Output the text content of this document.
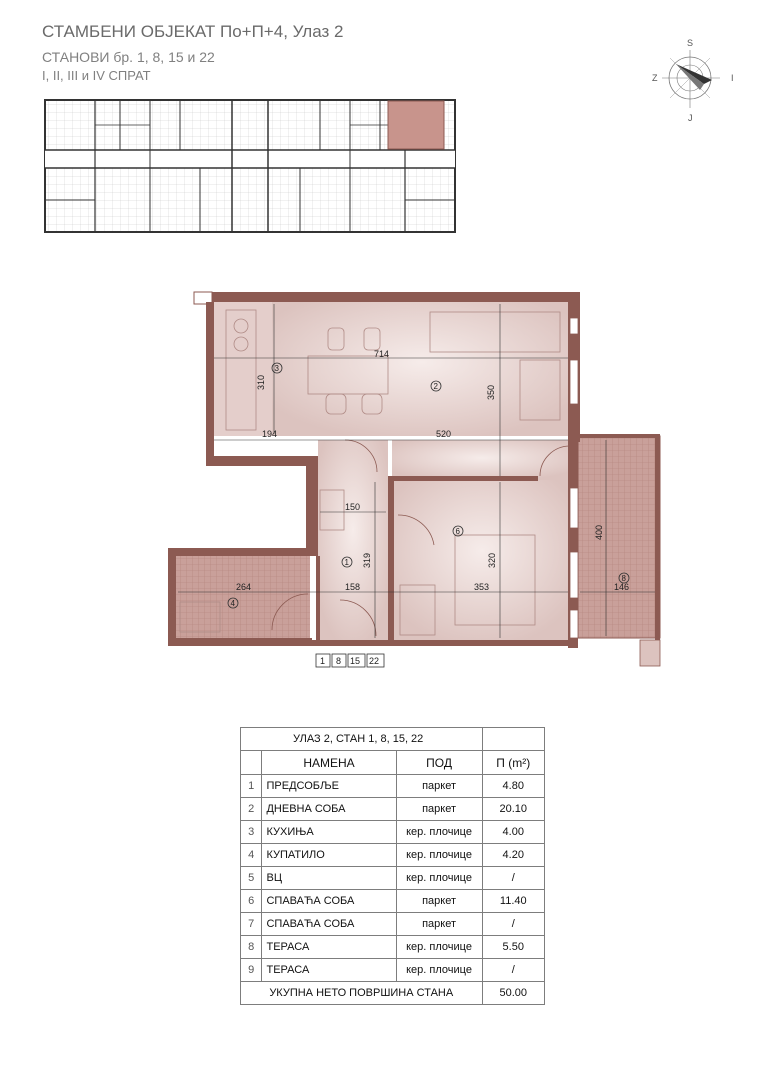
СТАМБЕНИ ОБЈЕКАТ По+П+4, Улаз 2
СТАНОВИ бр. 1, 8, 15 и 22
I, II, III и IV СПРАТ
S
Z	I
J
714
310
350
194	520
150
319	320
400
264	158	353	146
3
2
1
6
4
8
1 8 15 22
УЛАЗ 2, СТАН 1, 8, 15, 22			
	НАМЕНА	ПОД	П (m²)
1	ПРЕДСОБЉЕ	паркет	4.80
2	ДНЕВНА СОБА	паркет	20.10
3	КУХИЊА	кер. плочице	4.00
4	КУПАТИЛО	кер. плочице	4.20
5	ВЦ	кер. плочице	/
6	СПАВАЋА СОБА	паркет	11.40
7	СПАВАЋА СОБА	паркет	/
8	ТЕРАСА	кер. плочице	5.50
9	ТЕРАСА	кер. плочице	/
УКУПНА НЕТО ПОВРШИНА СТАНА			50.00
